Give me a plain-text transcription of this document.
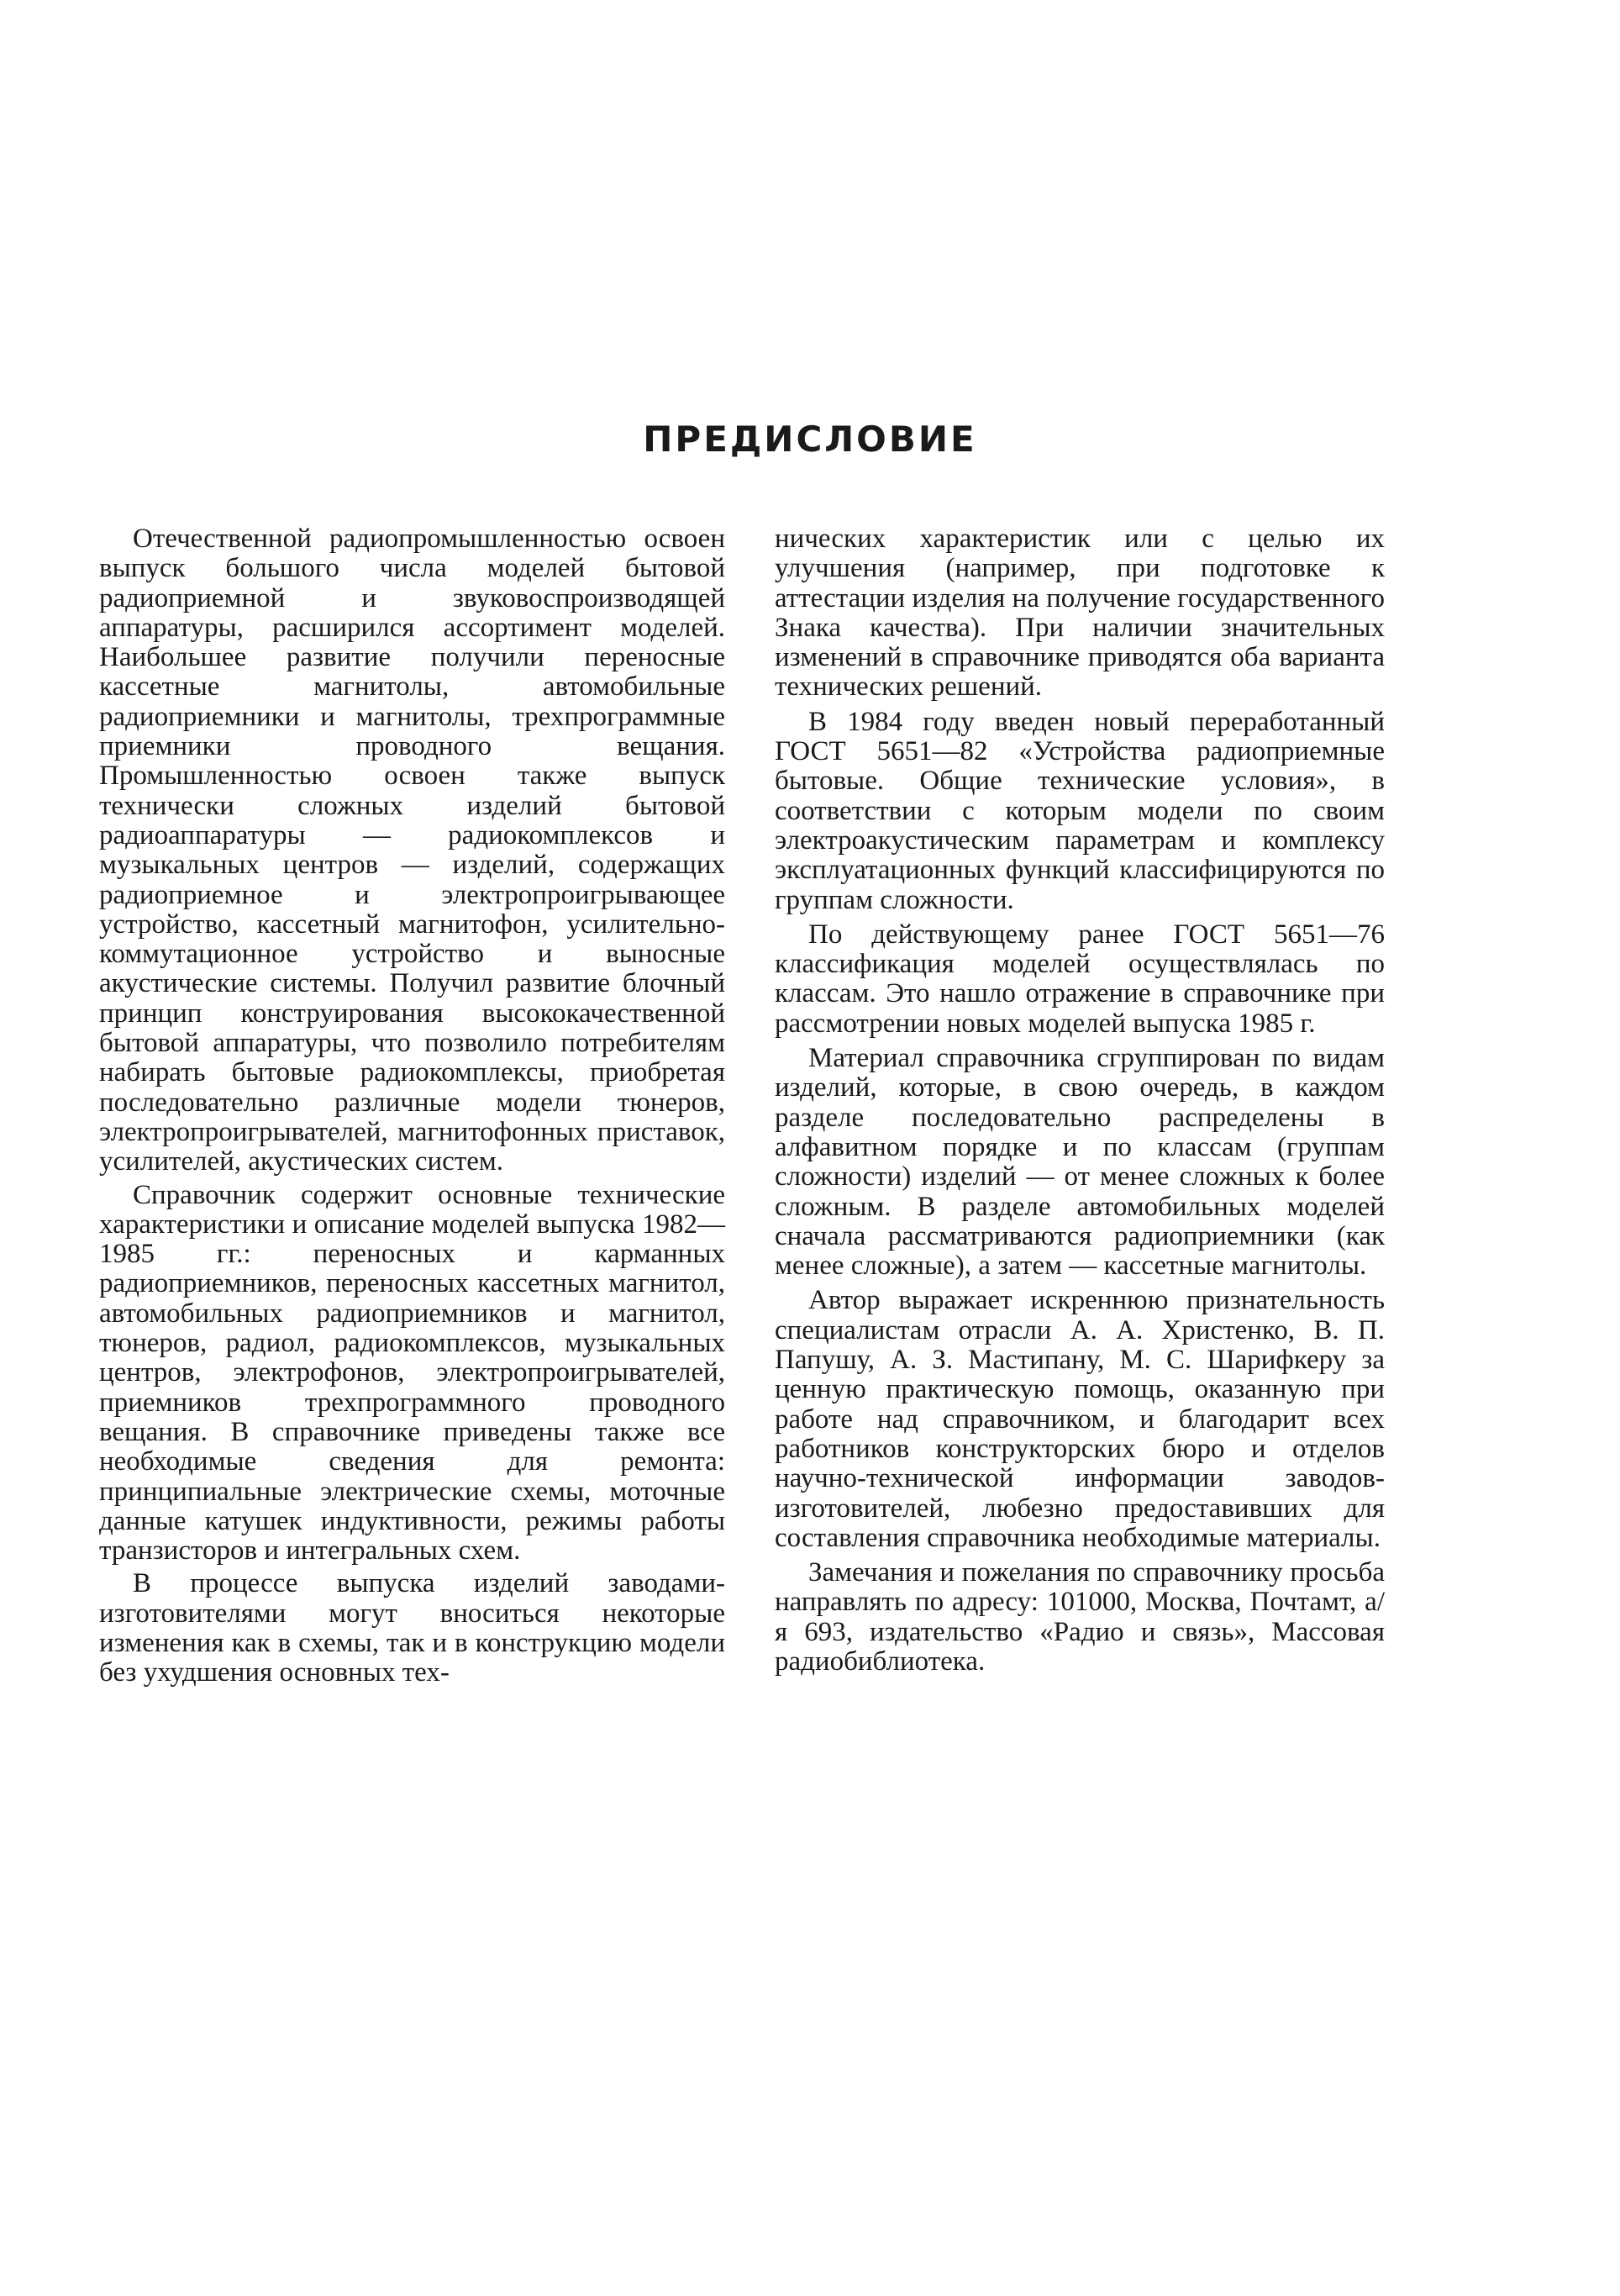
ПРЕДИСЛОВИЕ

Отечественной радиопромышленностью освоен выпуск большого числа моделей бытовой радиоприемной и звуковоспроизводящей аппаратуры, расширился ассортимент моделей. Наибольшее развитие получили переносные кассетные магнитолы, автомобильные радиоприемники и магнитолы, трехпрограммные приемники проводного вещания. Промышленностью освоен также выпуск технически сложных изделий бытовой радиоаппаратуры — радиокомплексов и музыкальных центров — изделий, содержащих радиоприемное и электропроигрывающее устройство, кассетный магнитофон, усилительно-коммутационное устройство и выносные акустические системы. Получил развитие блочный принцип конструирования высококачественной бытовой аппаратуры, что позволило потребителям набирать бытовые радиокомплексы, приобретая последовательно различные модели тюнеров, электропроигрывателей, магнитофонных приставок, усилителей, акустических систем.

Справочник содержит основные технические характеристики и описание моделей выпуска 1982—1985 гг.: переносных и карманных радиоприемников, переносных кассетных магнитол, автомобильных радиоприемников и магнитол, тюнеров, радиол, радиокомплексов, музыкальных центров, электрофонов, электропроигрывателей, приемников трехпрограммного проводного вещания. В справочнике приведены также все необходимые сведения для ремонта: принципиальные электрические схемы, моточные данные катушек индуктивности, режимы работы транзисторов и интегральных схем.

В процессе выпуска изделий заводами-изготовителями могут вноситься некоторые изменения как в схемы, так и в конструкцию модели без ухудшения основных тех-

нических характеристик или с целью их улучшения (например, при подготовке к аттестации изделия на получение государственного Знака качества). При наличии значительных изменений в справочнике приводятся оба варианта технических решений.

В 1984 году введен новый переработанный ГОСТ 5651—82 «Устройства радиоприемные бытовые. Общие технические условия», в соответствии с которым модели по своим электроакустическим параметрам и комплексу эксплуатационных функций классифицируются по группам сложности.

По действующему ранее ГОСТ 5651—76 классификация моделей осуществлялась по классам. Это нашло отражение в справочнике при рассмотрении новых моделей выпуска 1985 г.

Материал справочника сгруппирован по видам изделий, которые, в свою очередь, в каждом разделе последовательно распределены в алфавитном порядке и по классам (группам сложности) изделий — от менее сложных к более сложным. В разделе автомобильных моделей сначала рассматриваются радиоприемники (как менее сложные), а затем — кассетные магнитолы.

Автор выражает искреннюю признательность специалистам отрасли А. А. Христенко, В. П. Папушу, А. З. Мастипану, М. С. Шарифкеру за ценную практическую помощь, оказанную при работе над справочником, и благодарит всех работников конструкторских бюро и отделов научно-технической информации заводов-изготовителей, любезно предоставивших для составления справочника необходимые материалы.

Замечания и пожелания по справочнику просьба направлять по адресу: 101000, Москва, Почтамт, а/я 693, издательство «Радио и связь», Массовая радиобиблиотека.
